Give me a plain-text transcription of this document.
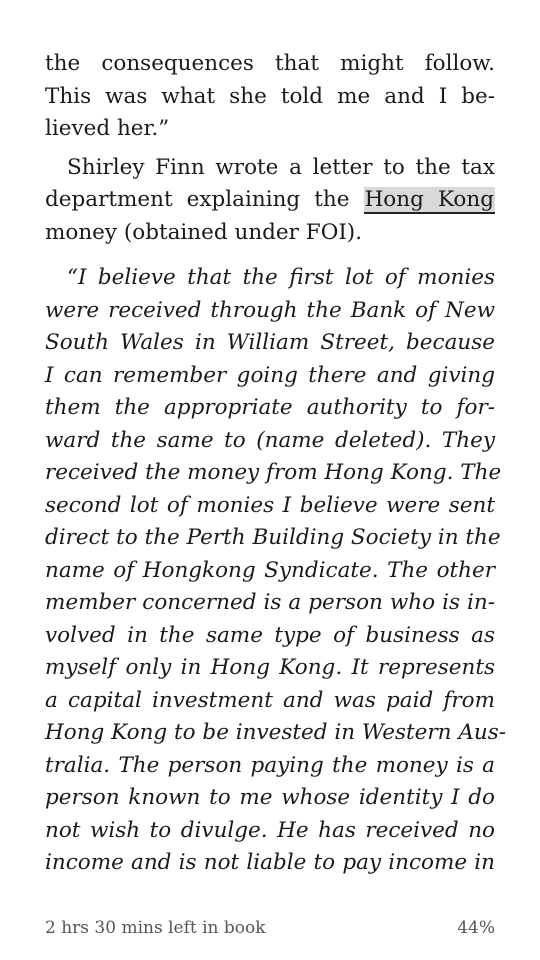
the consequences that might follow.
This was what she told me and I be-
lieved her.”
Shirley Finn wrote a letter to the tax
department explaining the Hong Kong
money (obtained under FOI).
“I believe that the first lot of monies
were received through the Bank of New
South Wales in William Street, because
I can remember going there and giving
them the appropriate authority to for-
ward the same to (name deleted). They
received the money from Hong Kong. The
second lot of monies I believe were sent
direct to the Perth Building Society in the
name of Hongkong Syndicate. The other
member concerned is a person who is in-
volved in the same type of business as
myself only in Hong Kong. It represents
a capital investment and was paid from
Hong Kong to be invested in Western Aus-
tralia. The person paying the money is a
person known to me whose identity I do
not wish to divulge. He has received no
income and is not liable to pay income in
2 hrs 30 mins left in book	44%
